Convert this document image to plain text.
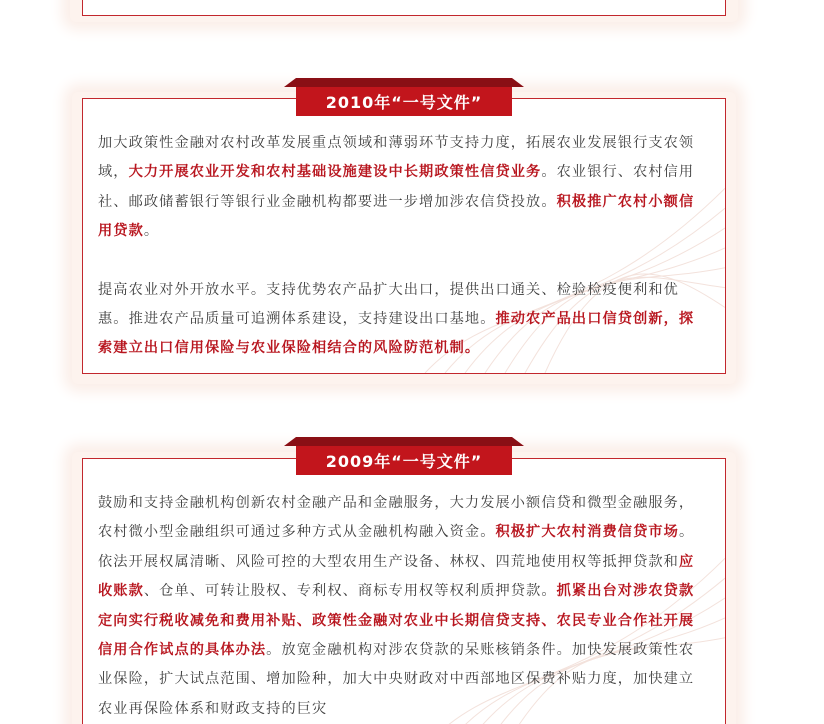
加大政策性金融对农村改革发展重点领域和薄弱环节支持力度，拓展农业发展银行支农领域，大力开展农业开发和农村基础设施建设中长期政策性信贷业务。农业银行、农村信用社、邮政储蓄银行等银行业金融机构都要进一步增加涉农信贷投放。积极推广农村小额信用贷款。

提高农业对外开放水平。支持优势农产品扩大出口，提供出口通关、检验检疫便利和优惠。推进农产品质量可追溯体系建设，支持建设出口基地。推动农产品出口信贷创新，探索建立出口信用保险与农业保险相结合的风险防范机制。

2010年“一号文件”

鼓励和支持金融机构创新农村金融产品和金融服务，大力发展小额信贷和微型金融服务，农村微小型金融组织可通过多种方式从金融机构融入资金。积极扩大农村消费信贷市场。依法开展权属清晰、风险可控的大型农用生产设备、林权、四荒地使用权等抵押贷款和应收账款、仓单、可转让股权、专利权、商标专用权等权利质押贷款。抓紧出台对涉农贷款定向实行税收减免和费用补贴、政策性金融对农业中长期信贷支持、农民专业合作社开展信用合作试点的具体办法。放宽金融机构对涉农贷款的呆账核销条件。加快发展政策性农业保险，扩大试点范围、增加险种，加大中央财政对中西部地区保费补贴力度，加快建立农业再保险体系和财政支持的巨灾

2009年“一号文件”
